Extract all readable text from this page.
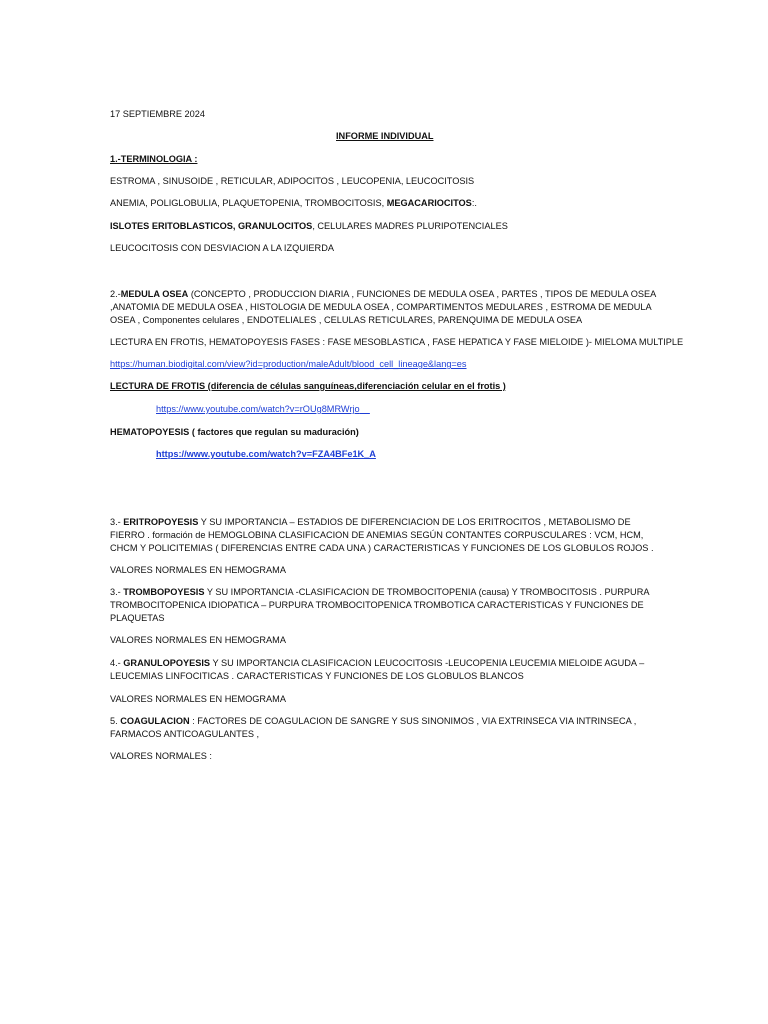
17 SEPTIEMBRE 2024
INFORME INDIVIDUAL
1.-TERMINOLOGIA :
ESTROMA , SINUSOIDE , RETICULAR, ADIPOCITOS , LEUCOPENIA, LEUCOCITOSIS
ANEMIA, POLIGLOBULIA, PLAQUETOPENIA, TROMBOCITOSIS, MEGACARIOCITOS:.
ISLOTES ERITOBLASTICOS, GRANULOCITOS, CELULARES MADRES PLURIPOTENCIALES
LEUCOCITOSIS CON DESVIACION A LA IZQUIERDA
2.-MEDULA OSEA (CONCEPTO , PRODUCCION DIARIA , FUNCIONES DE MEDULA OSEA , PARTES , TIPOS DE MEDULA OSEA ,ANATOMIA DE MEDULA OSEA , HISTOLOGIA DE MEDULA OSEA , COMPARTIMENTOS MEDULARES , ESTROMA DE MEDULA OSEA , Componentes celulares , ENDOTELIALES , CELULAS RETICULARES, PARENQUIMA DE MEDULA OSEA
LECTURA EN FROTIS, HEMATOPOYESIS FASES : FASE MESOBLASTICA , FASE HEPATICA Y FASE MIELOIDE )- MIELOMA MULTIPLE
https://human.biodigital.com/view?id=production/maleAdult/blood_cell_lineage&lang=es
LECTURA DE FROTIS (diferencia de células sanguíneas,diferenciación celular en el frotis )
https://www.youtube.com/watch?v=rOUg8MRWrjo
HEMATOPOYESIS ( factores que regulan su maduración)
https://www.youtube.com/watch?v=FZA4BFe1K_A
3.- ERITROPOYESIS Y SU IMPORTANCIA – ESTADIOS DE DIFERENCIACION DE LOS ERITROCITOS , METABOLISMO DE FIERRO . formación de HEMOGLOBINA CLASIFICACION DE ANEMIAS SEGÚN CONTANTES CORPUSCULARES : VCM, HCM, CHCM Y POLICITEMIAS ( DIFERENCIAS ENTRE CADA UNA ) CARACTERISTICAS Y FUNCIONES DE LOS GLOBULOS ROJOS .
VALORES NORMALES EN HEMOGRAMA
3.- TROMBOPOYESIS Y SU IMPORTANCIA -CLASIFICACION DE TROMBOCITOPENIA (causa) Y TROMBOCITOSIS . PURPURA TROMBOCITOPENICA IDIOPATICA – PURPURA TROMBOCITOPENICA TROMBOTICA CARACTERISTICAS Y FUNCIONES DE PLAQUETAS
VALORES NORMALES EN HEMOGRAMA
4.- GRANULOPOYESIS Y SU IMPORTANCIA CLASIFICACION LEUCOCITOSIS -LEUCOPENIA LEUCEMIA MIELOIDE AGUDA – LEUCEMIAS LINFOCITICAS . CARACTERISTICAS Y FUNCIONES DE LOS GLOBULOS BLANCOS
VALORES NORMALES EN HEMOGRAMA
5. COAGULACION : FACTORES DE COAGULACION DE SANGRE Y SUS SINONIMOS , VIA EXTRINSECA VIA INTRINSECA , FARMACOS ANTICOAGULANTES ,
VALORES NORMALES :
